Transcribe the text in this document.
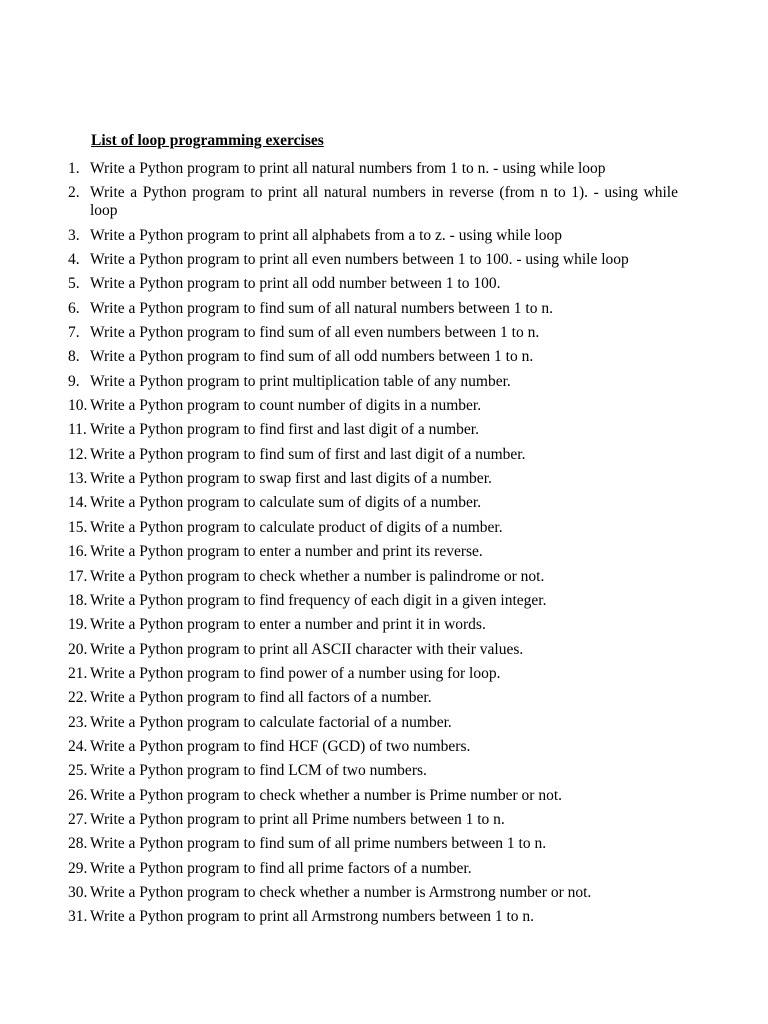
List of loop programming exercises
1. Write a Python program to print all natural numbers from 1 to n. - using while loop
2. Write a Python program to print all natural numbers in reverse (from n to 1). - using while loop
3. Write a Python program to print all alphabets from a to z. - using while loop
4. Write a Python program to print all even numbers between 1 to 100. - using while loop
5. Write a Python program to print all odd number between 1 to 100.
6. Write a Python program to find sum of all natural numbers between 1 to n.
7. Write a Python program to find sum of all even numbers between 1 to n.
8. Write a Python program to find sum of all odd numbers between 1 to n.
9. Write a Python program to print multiplication table of any number.
10. Write a Python program to count number of digits in a number.
11. Write a Python program to find first and last digit of a number.
12. Write a Python program to find sum of first and last digit of a number.
13. Write a Python program to swap first and last digits of a number.
14. Write a Python program to calculate sum of digits of a number.
15. Write a Python program to calculate product of digits of a number.
16. Write a Python program to enter a number and print its reverse.
17. Write a Python program to check whether a number is palindrome or not.
18. Write a Python program to find frequency of each digit in a given integer.
19. Write a Python program to enter a number and print it in words.
20. Write a Python program to print all ASCII character with their values.
21. Write a Python program to find power of a number using for loop.
22. Write a Python program to find all factors of a number.
23. Write a Python program to calculate factorial of a number.
24. Write a Python program to find HCF (GCD) of two numbers.
25. Write a Python program to find LCM of two numbers.
26. Write a Python program to check whether a number is Prime number or not.
27. Write a Python program to print all Prime numbers between 1 to n.
28. Write a Python program to find sum of all prime numbers between 1 to n.
29. Write a Python program to find all prime factors of a number.
30. Write a Python program to check whether a number is Armstrong number or not.
31. Write a Python program to print all Armstrong numbers between 1 to n.
